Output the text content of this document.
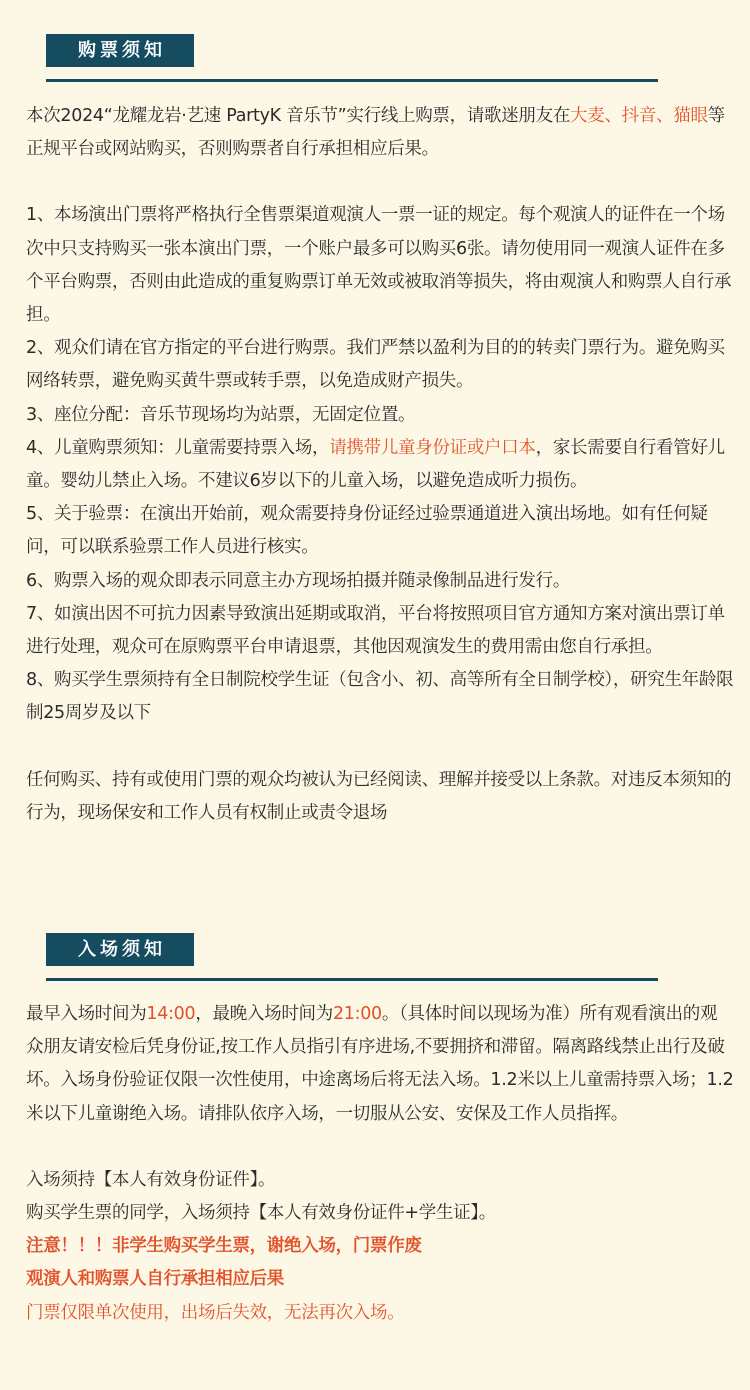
购票须知

本次2024“龙耀龙岩·艺速 PartyK 音乐节”实行线上购票，请歌迷朋友在大麦、抖音、猫眼等正规平台或网站购买，否则购票者自行承担相应后果。

1、本场演出门票将严格执行全售票渠道观演人一票一证的规定。每个观演人的证件在一个场次中只支持购买一张本演出门票，一个账户最多可以购买6张。请勿使用同一观演人证件在多个平台购票，否则由此造成的重复购票订单无效或被取消等损失，将由观演人和购票人自行承担。

2、观众们请在官方指定的平台进行购票。我们严禁以盈利为目的的转卖门票行为。避免购买网络转票，避免购买黄牛票或转手票，以免造成财产损失。

3、座位分配：音乐节现场均为站票，无固定位置。

4、儿童购票须知：儿童需要持票入场，请携带儿童身份证或户口本，家长需要自行看管好儿童。婴幼儿禁止入场。不建议6岁以下的儿童入场，以避免造成听力损伤。

5、关于验票：在演出开始前，观众需要持身份证经过验票通道进入演出场地。如有任何疑问，可以联系验票工作人员进行核实。

6、购票入场的观众即表示同意主办方现场拍摄并随录像制品进行发行。

7、如演出因不可抗力因素导致演出延期或取消，平台将按照项目官方通知方案对演出票订单进行处理，观众可在原购票平台申请退票，其他因观演发生的费用需由您自行承担。

8、购买学生票须持有全日制院校学生证（包含小、初、高等所有全日制学校），研究生年龄限制25周岁及以下

任何购买、持有或使用门票的观众均被认为已经阅读、理解并接受以上条款。对违反本须知的行为，现场保安和工作人员有权制止或责令退场

入场须知

最早入场时间为14:00，最晚入场时间为21:00。（具体时间以现场为准）所有观看演出的观众朋友请安检后凭身份证,按工作人员指引有序进场,不要拥挤和滞留。隔离路线禁止出行及破坏。入场身份验证仅限一次性使用，中途离场后将无法入场。1.2米以上儿童需持票入场；1.2米以下儿童谢绝入场。请排队依序入场，一切服从公安、安保及工作人员指挥。

入场须持【本人有效身份证件】。

购买学生票的同学，入场须持【本人有效身份证件+学生证】。

注意！！！非学生购买学生票，谢绝入场，门票作废

观演人和购票人自行承担相应后果

门票仅限单次使用，出场后失效，无法再次入场。
